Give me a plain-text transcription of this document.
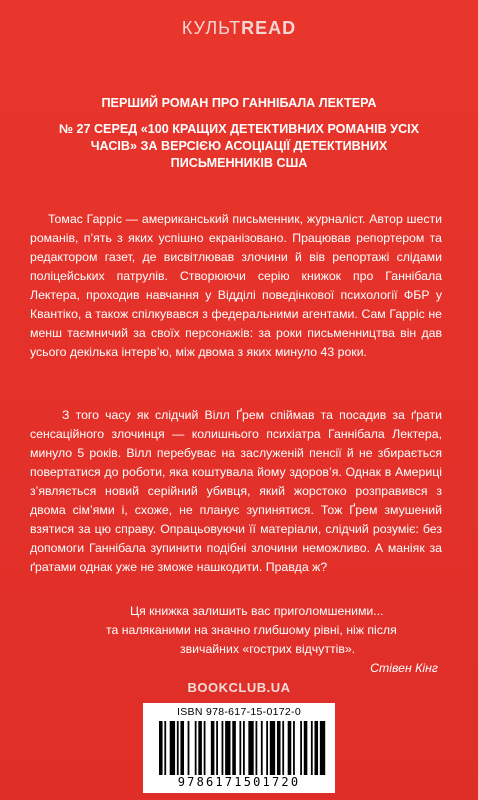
КУЛЬТREAD
ПЕРШИЙ РОМАН ПРО ГАННІБАЛА ЛЕКТЕРА
№ 27 СЕРЕД «100 КРАЩИХ ДЕТЕКТИВНИХ РОМАНІВ УСІХ ЧАСІВ» ЗА ВЕРСІЄЮ АСОЦІАЦІЇ ДЕТЕКТИВНИХ ПИСЬМЕННИКІВ США
Томас Гарріс — американський письменник, журналіст. Автор шести романів, п’ять з яких успішно екранізовано. Працював репортером та редактором газет, де висвітлював злочини й вів репортажі слідами поліцейських патрулів. Створюючи серію книжок про Ганнібала Лектера, проходив навчання у Відділі поведінкової психології ФБР у Квантіко, а також спілкувався з федеральними агентами. Сам Гарріс не менш таємничий за своїх персонажів: за роки письменництва він дав усього декілька інтерв’ю, між двома з яких минуло 43 роки.
З того часу як слідчий Вілл Ґрем спіймав та посадив за ґрати сенсаційного злочинця — колишнього психіатра Ганнібала Лектера, минуло 5 років. Вілл перебуває на заслуженій пенсії й не збирається повертатися до роботи, яка коштувала йому здоров’я. Однак в Америці з’являється новий серійний убивця, який жорстоко розправився з двома сім’ями і, схоже, не планує зупинятися. Тож Ґрем змушений взятися за цю справу. Опрацьовуючи її матеріали, слідчий розуміє: без допомоги Ганнібала зупинити подібні злочини неможливо. А маніяк за ґратами однак уже не зможе нашкодити. Правда ж?
Ця книжка залишить вас приголомшеними...
та наляканими на значно глибшому рівні, ніж після
звичайних «гострих відчуттів».
Стівен Кінг
BOOKCLUB.UA
ISBN 978-617-15-0172-0
9786171501720
